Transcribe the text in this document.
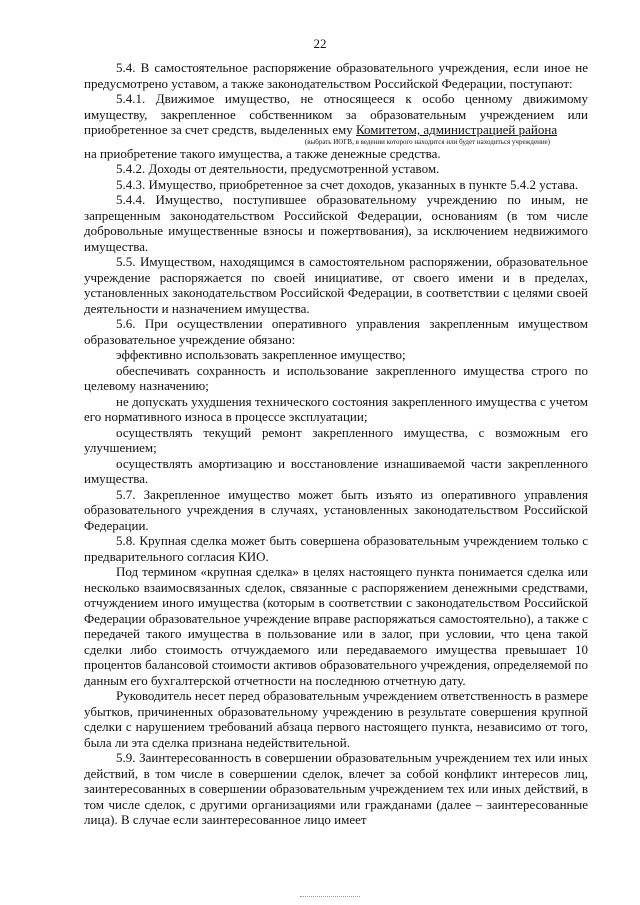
22

5.4. В самостоятельное распоряжение образовательного учреждения, если иное не предусмотрено уставом, а также законодательством Российской Федерации, поступают:

5.4.1. Движимое имущество, не относящееся к особо ценному движимому имуществу, закрепленное собственником за образовательным учреждением или приобретенное за счет средств, выделенных ему Комитетом, администрацией района

(выбрать ИОГВ, в ведении которого находится или будет находиться учреждение)

на приобретение такого имущества, а также денежные средства.

5.4.2. Доходы от деятельности, предусмотренной уставом.

5.4.3. Имущество, приобретенное за счет доходов, указанных в пункте 5.4.2 устава.

5.4.4. Имущество, поступившее образовательному учреждению по иным, не запрещенным законодательством Российской Федерации, основаниям (в том числе добровольные имущественные взносы и пожертвования), за исключением недвижимого имущества.

5.5. Имуществом, находящимся в самостоятельном распоряжении, образовательное учреждение распоряжается по своей инициативе, от своего имени и в пределах, установленных законодательством Российской Федерации, в соответствии с целями своей деятельности и назначением имущества.

5.6. При осуществлении оперативного управления закрепленным имуществом образовательное учреждение обязано:

эффективно использовать закрепленное имущество;

обеспечивать сохранность и использование закрепленного имущества строго по целевому назначению;

не допускать ухудшения технического состояния закрепленного имущества с учетом его нормативного износа в процессе эксплуатации;

осуществлять текущий ремонт закрепленного имущества, с возможным его улучшением;

осуществлять амортизацию и восстановление изнашиваемой части закрепленного имущества.

5.7. Закрепленное имущество может быть изъято из оперативного управления образовательного учреждения в случаях, установленных законодательством Российской Федерации.

5.8. Крупная сделка может быть совершена образовательным учреждением только с предварительного согласия КИО.

Под термином «крупная сделка» в целях настоящего пункта понимается сделка или несколько взаимосвязанных сделок, связанные с распоряжением денежными средствами, отчуждением иного имущества (которым в соответствии с законодательством Российской Федерации образовательное учреждение вправе распоряжаться самостоятельно), а также с передачей такого имущества в пользование или в залог, при условии, что цена такой сделки либо стоимость отчуждаемого или передаваемого имущества превышает 10 процентов балансовой стоимости активов образовательного учреждения, определяемой по данным его бухгалтерской отчетности на последнюю отчетную дату.

Руководитель несет перед образовательным учреждением ответственность в размере убытков, причиненных образовательному учреждению в результате совершения крупной сделки с нарушением требований абзаца первого настоящего пункта, независимо от того, была ли эта сделка признана недействительной.

5.9. Заинтересованность в совершении образовательным учреждением тех или иных действий, в том числе в совершении сделок, влечет за собой конфликт интересов лиц, заинтересованных в совершении образовательным учреждением тех или иных действий, в том числе сделок, с другими организациями или гражданами (далее – заинтересованные лица). В случае если заинтересованное лицо имеет
